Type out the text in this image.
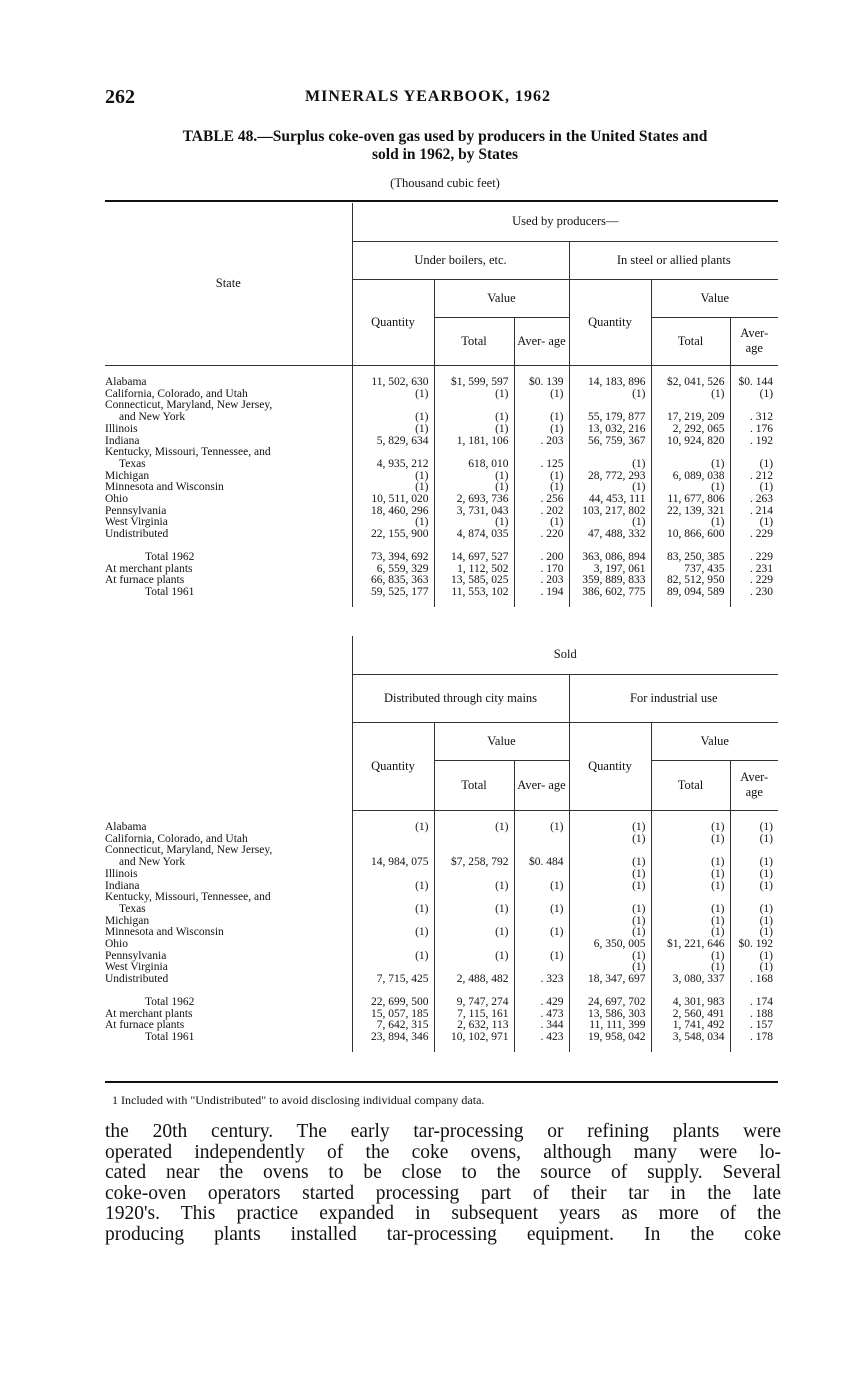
262	MINERALS YEARBOOK, 1962
TABLE 48.—Surplus coke-oven gas used by producers in the United States and
sold in 1962, by States
(Thousand cubic feet)
State	Used by producers—					
	Under boilers, etc.			In steel or allied plants		
	Quantity	Value		Quantity	Value	
		Total	Aver- age		Total	Aver- age

Alabama	11, 502, 630	$1, 599, 597	$0. 139	14, 183, 896	$2, 041, 526	$0. 144
California, Colorado, and Utah	(1)	(1)	(1)	(1)	(1)	(1)
Connecticut, Maryland, New Jersey,						
and New York	(1)	(1)	(1)	55, 179, 877	17, 219, 209	. 312
Illinois	(1)	(1)	(1)	13, 032, 216	2, 292, 065	. 176
Indiana	5, 829, 634	1, 181, 106	. 203	56, 759, 367	10, 924, 820	. 192
Kentucky, Missouri, Tennessee, and						
Texas	4, 935, 212	618, 010	. 125	(1)	(1)	(1)
Michigan	(1)	(1)	(1)	28, 772, 293	6, 089, 038	. 212
Minnesota and Wisconsin	(1)	(1)	(1)	(1)	(1)	(1)
Ohio	10, 511, 020	2, 693, 736	. 256	44, 453, 111	11, 677, 806	. 263
Pennsylvania	18, 460, 296	3, 731, 043	. 202	103, 217, 802	22, 139, 321	. 214
West Virginia	(1)	(1)	(1)	(1)	(1)	(1)
Undistributed	22, 155, 900	4, 874, 035	. 220	47, 488, 332	10, 866, 600	. 229

Total 1962	73, 394, 692	14, 697, 527	. 200	363, 086, 894	83, 250, 385	. 229
At merchant plants	6, 559, 329	1, 112, 502	. 170	3, 197, 061	737, 435	. 231
At furnace plants	66, 835, 363	13, 585, 025	. 203	359, 889, 833	82, 512, 950	. 229
Total 1961	59, 525, 177	11, 553, 102	. 194	386, 602, 775	89, 094, 589	. 230

	Sold					
	Distributed through city mains			For industrial use		
	Quantity	Value		Quantity	Value	
		Total	Aver- age		Total	Aver- age

Alabama	(1)	(1)	(1)	(1)	(1)	(1)
California, Colorado, and Utah				(1)	(1)	(1)
Connecticut, Maryland, New Jersey,						
and New York	14, 984, 075	$7, 258, 792	$0. 484	(1)	(1)	(1)
Illinois				(1)	(1)	(1)
Indiana	(1)	(1)	(1)	(1)	(1)	(1)
Kentucky, Missouri, Tennessee, and						
Texas	(1)	(1)	(1)	(1)	(1)	(1)
Michigan				(1)	(1)	(1)
Minnesota and Wisconsin	(1)	(1)	(1)	(1)	(1)	(1)
Ohio				6, 350, 005	$1, 221, 646	$0. 192
Pennsylvania	(1)	(1)	(1)	(1)	(1)	(1)
West Virginia				(1)	(1)	(1)
Undistributed	7, 715, 425	2, 488, 482	. 323	18, 347, 697	3, 080, 337	. 168

Total 1962	22, 699, 500	9, 747, 274	. 429	24, 697, 702	4, 301, 983	. 174
At merchant plants	15, 057, 185	7, 115, 161	. 473	13, 586, 303	2, 560, 491	. 188
At furnace plants	7, 642, 315	2, 632, 113	. 344	11, 111, 399	1, 741, 492	. 157
Total 1961	23, 894, 346	10, 102, 971	. 423	19, 958, 042	3, 548, 034	. 178

1 Included with "Undistributed" to avoid disclosing individual company data.
the 20th century. The early tar-processing or refining plants were
operated independently of the coke ovens, although many were lo-
cated near the ovens to be close to the source of supply. Several
coke-oven operators started processing part of their tar in the late
1920's. This practice expanded in subsequent years as more of the
producing plants installed tar-processing equipment. In the coke
